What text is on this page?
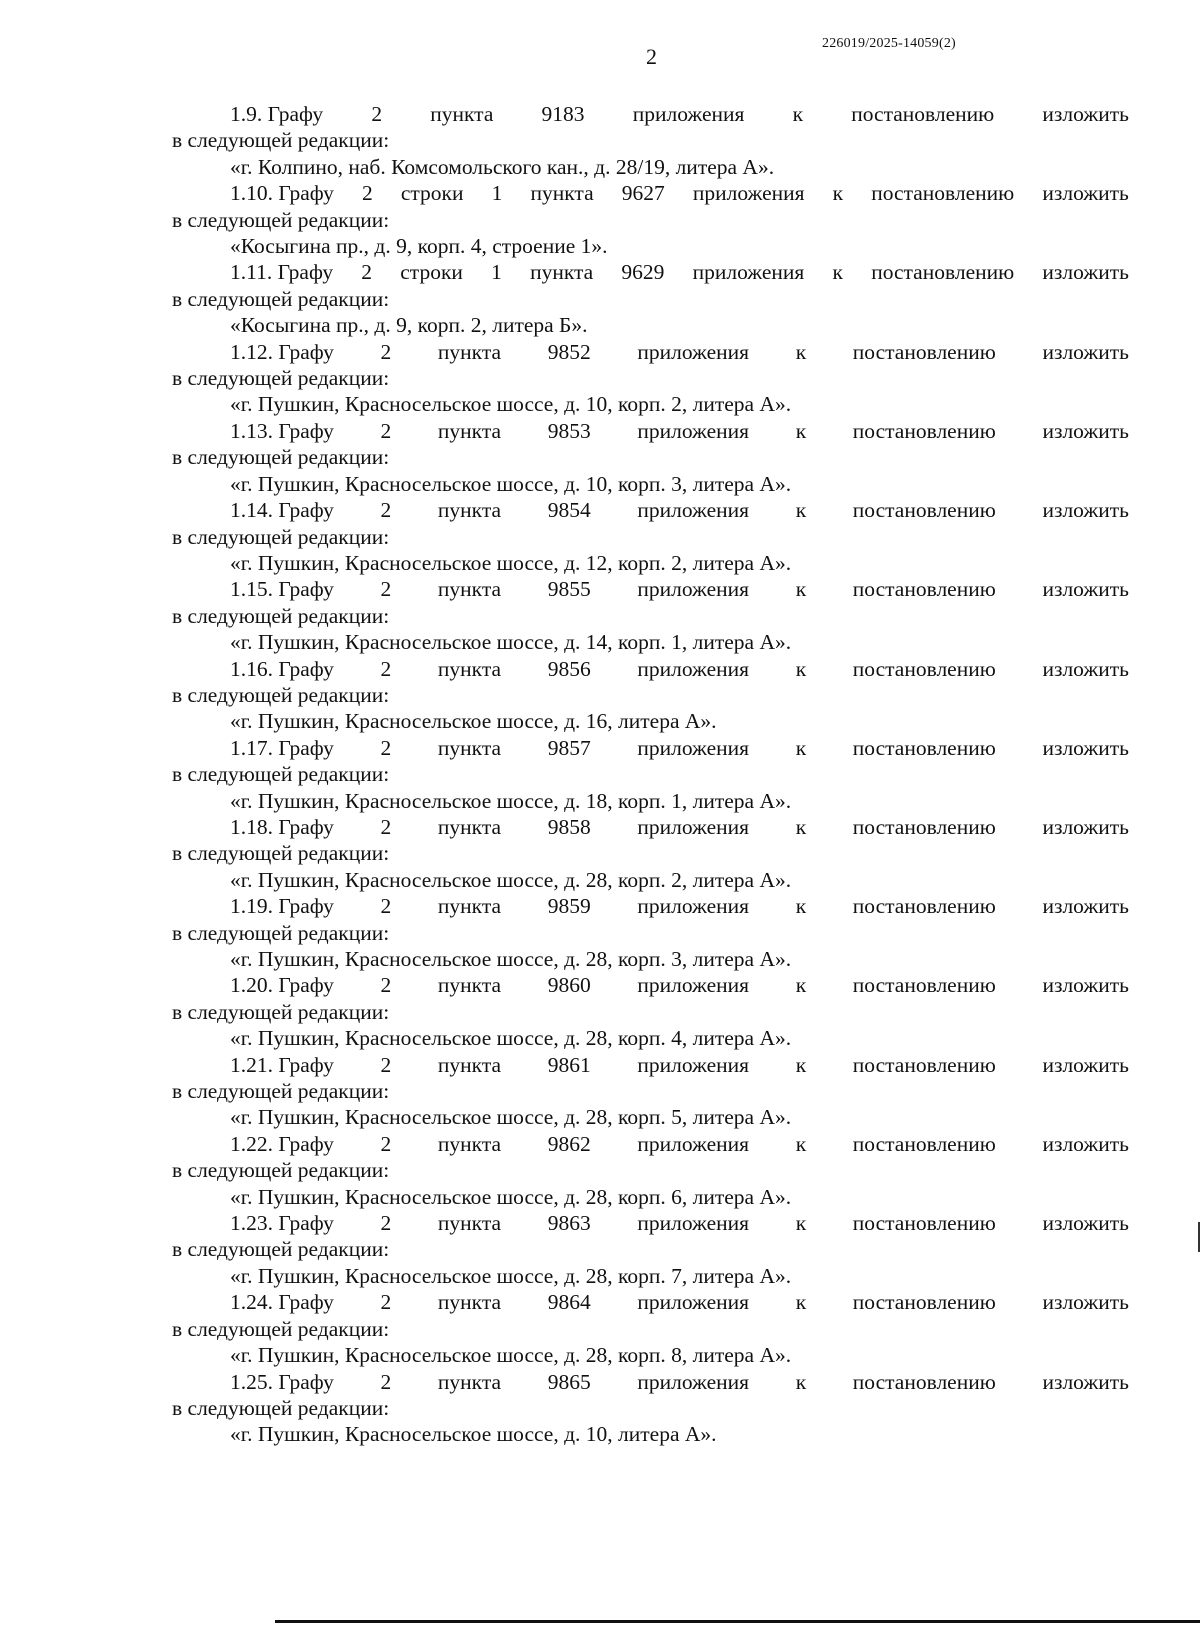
226019/2025-14059(2)
2
1.9. Графу 2 пункта 9183 приложения к постановлению изложить
в следующей редакции:
«г. Колпино, наб. Комсомольского кан., д. 28/19, литера А».
1.10. Графу 2 строки 1 пункта 9627 приложения к постановлению изложить
в следующей редакции:
«Косыгина пр., д. 9, корп. 4, строение 1».
1.11. Графу 2 строки 1 пункта 9629 приложения к постановлению изложить
в следующей редакции:
«Косыгина пр., д. 9, корп. 2, литера Б».
1.12. Графу 2 пункта 9852 приложения к постановлению изложить
в следующей редакции:
«г. Пушкин, Красносельское шоссе, д. 10, корп. 2, литера А».
1.13. Графу 2 пункта 9853 приложения к постановлению изложить
в следующей редакции:
«г. Пушкин, Красносельское шоссе, д. 10, корп. 3, литера А».
1.14. Графу 2 пункта 9854 приложения к постановлению изложить
в следующей редакции:
«г. Пушкин, Красносельское шоссе, д. 12, корп. 2, литера А».
1.15. Графу 2 пункта 9855 приложения к постановлению изложить
в следующей редакции:
«г. Пушкин, Красносельское шоссе, д. 14, корп. 1, литера А».
1.16. Графу 2 пункта 9856 приложения к постановлению изложить
в следующей редакции:
«г. Пушкин, Красносельское шоссе, д. 16, литера А».
1.17. Графу 2 пункта 9857 приложения к постановлению изложить
в следующей редакции:
«г. Пушкин, Красносельское шоссе, д. 18, корп. 1, литера А».
1.18. Графу 2 пункта 9858 приложения к постановлению изложить
в следующей редакции:
«г. Пушкин, Красносельское шоссе, д. 28, корп. 2, литера А».
1.19. Графу 2 пункта 9859 приложения к постановлению изложить
в следующей редакции:
«г. Пушкин, Красносельское шоссе, д. 28, корп. 3, литера А».
1.20. Графу 2 пункта 9860 приложения к постановлению изложить
в следующей редакции:
«г. Пушкин, Красносельское шоссе, д. 28, корп. 4, литера А».
1.21. Графу 2 пункта 9861 приложения к постановлению изложить
в следующей редакции:
«г. Пушкин, Красносельское шоссе, д. 28, корп. 5, литера А».
1.22. Графу 2 пункта 9862 приложения к постановлению изложить
в следующей редакции:
«г. Пушкин, Красносельское шоссе, д. 28, корп. 6, литера А».
1.23. Графу 2 пункта 9863 приложения к постановлению изложить
в следующей редакции:
«г. Пушкин, Красносельское шоссе, д. 28, корп. 7, литера А».
1.24. Графу 2 пункта 9864 приложения к постановлению изложить
в следующей редакции:
«г. Пушкин, Красносельское шоссе, д. 28, корп. 8, литера А».
1.25. Графу 2 пункта 9865 приложения к постановлению изложить
в следующей редакции:
«г. Пушкин, Красносельское шоссе, д. 10, литера А».
